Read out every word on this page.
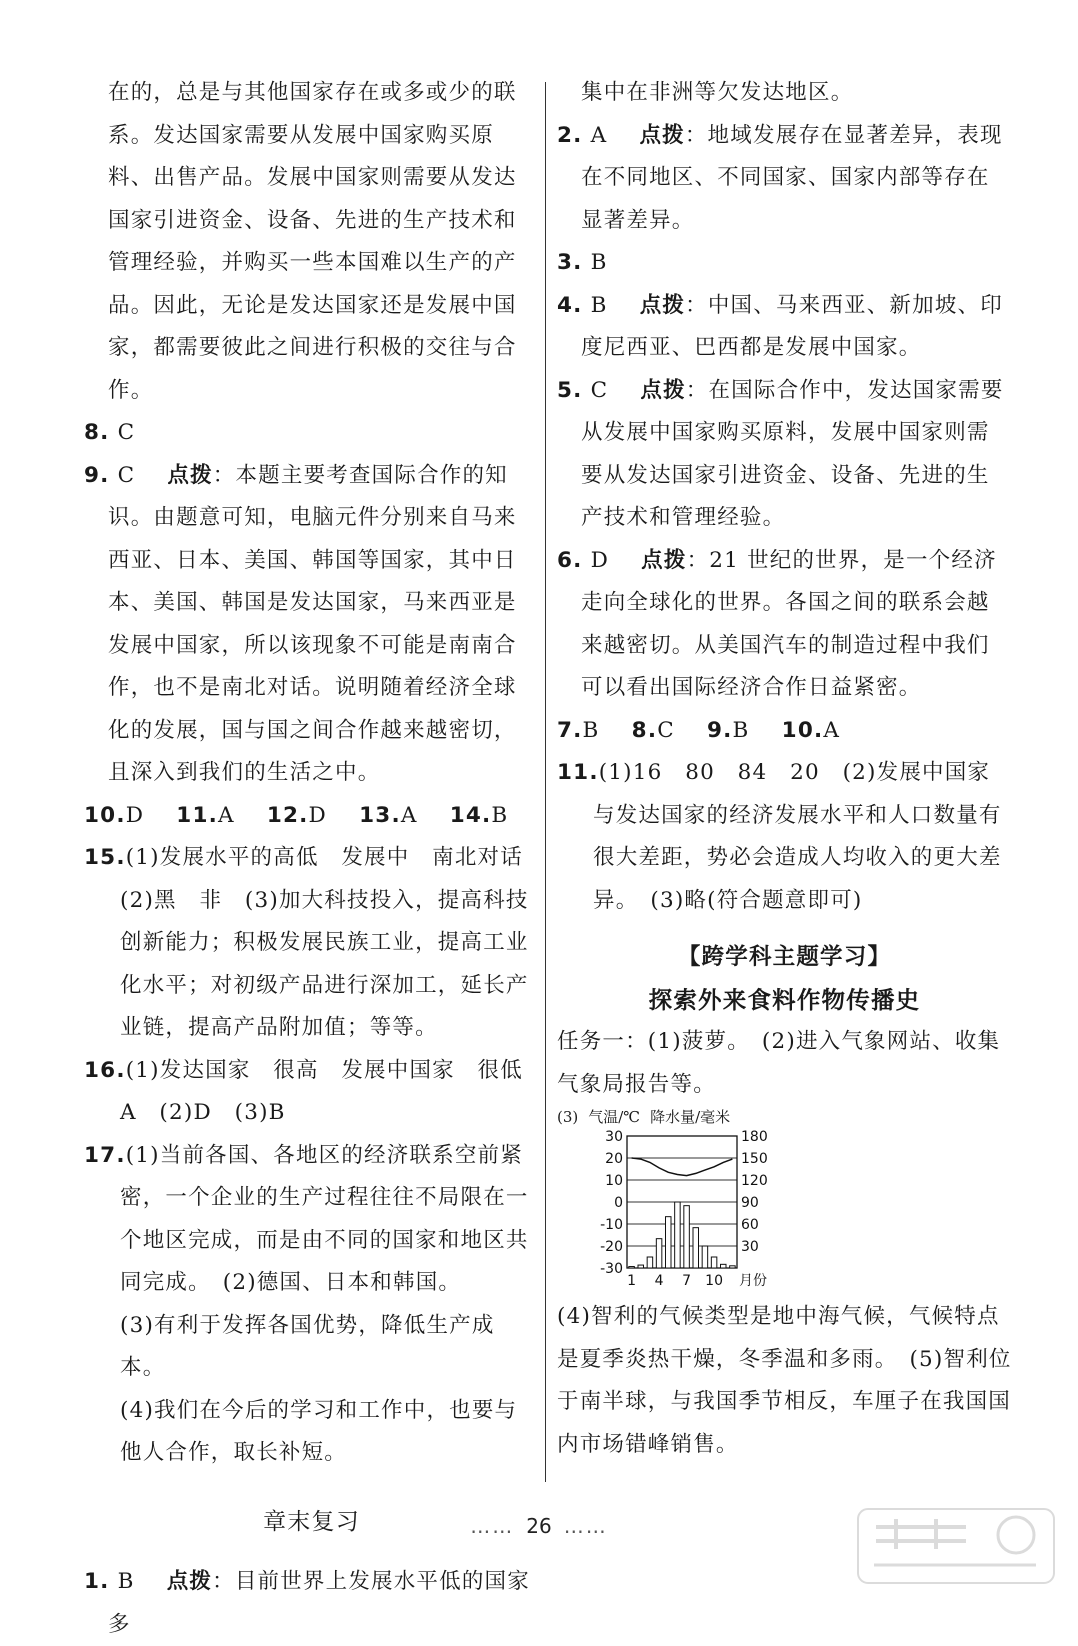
在的，总是与其他国家存在或多或少的联系。发达国家需要从发展中国家购买原料、出售产品。发展中国家则需要从发达国家引进资金、设备、先进的生产技术和管理经验，并购买一些本国难以生产的产品。因此，无论是发达国家还是发展中国家，都需要彼此之间进行积极的交往与合作。

8. C

9. C 点拨：本题主要考查国际合作的知识。由题意可知，电脑元件分别来自马来西亚、日本、美国、韩国等国家，其中日本、美国、韩国是发达国家，马来西亚是发展中国家，所以该现象不可能是南南合作，也不是南北对话。说明随着经济全球化的发展，国与国之间合作越来越密切，且深入到我们的生活之中。

10.D 11.A 12.D 13.A 14.B

15.(1)发展水平的高低　发展中　南北对话　(2)黑　非　(3)加大科技投入，提高科技创新能力；积极发展民族工业，提高工业化水平；对初级产品进行深加工，延长产业链，提高产品附加值；等等。

16.(1)发达国家　很高　发展中国家　很低　A　(2)D　(3)B

17.(1)当前各国、各地区的经济联系空前紧密，一个企业的生产过程往往不局限在一个地区完成，而是由不同的国家和地区共同完成。　(2)德国、日本和韩国。

(3)有利于发挥各国优势，降低生产成本。

(4)我们在今后的学习和工作中，也要与他人合作，取长补短。

章末复习

1. B 点拨：目前世界上发展水平低的国家多

集中在非洲等欠发达地区。

2. A 点拨：地域发展存在显著差异，表现在不同地区、不同国家、国家内部等存在显著差异。

3. B

4. B 点拨：中国、马来西亚、新加坡、印度尼西亚、巴西都是发展中国家。

5. C 点拨：在国际合作中，发达国家需要从发展中国家购买原料，发展中国家则需要从发达国家引进资金、设备、先进的生产技术和管理经验。

6. D 点拨：21 世纪的世界，是一个经济走向全球化的世界。各国之间的联系会越来越密切。从美国汽车的制造过程中我们可以看出国际经济合作日益紧密。

7.B 8.C 9.B 10.A

11.(1)16　80　84　20　(2)发展中国家与发达国家的经济发展水平和人口数量有很大差距，势必会造成人均收入的更大差异。　(3)略(符合题意即可)

【跨学科主题学习】
探索外来食料作物传播史

任务一：(1)菠萝。　(2)进入气象网站、收集气象局报告等。

(3) 气温/℃ 降水量/毫米
30
20
10
0
-10
-20
-30
180
150
120
90
60
30
1 4 7 10 月份

(4)智利的气候类型是地中海气候，气候特点是夏季炎热干燥，冬季温和多雨。　(5)智利位于南半球，与我国季节相反，车厘子在我国国内市场错峰销售。

…… 26 ……
